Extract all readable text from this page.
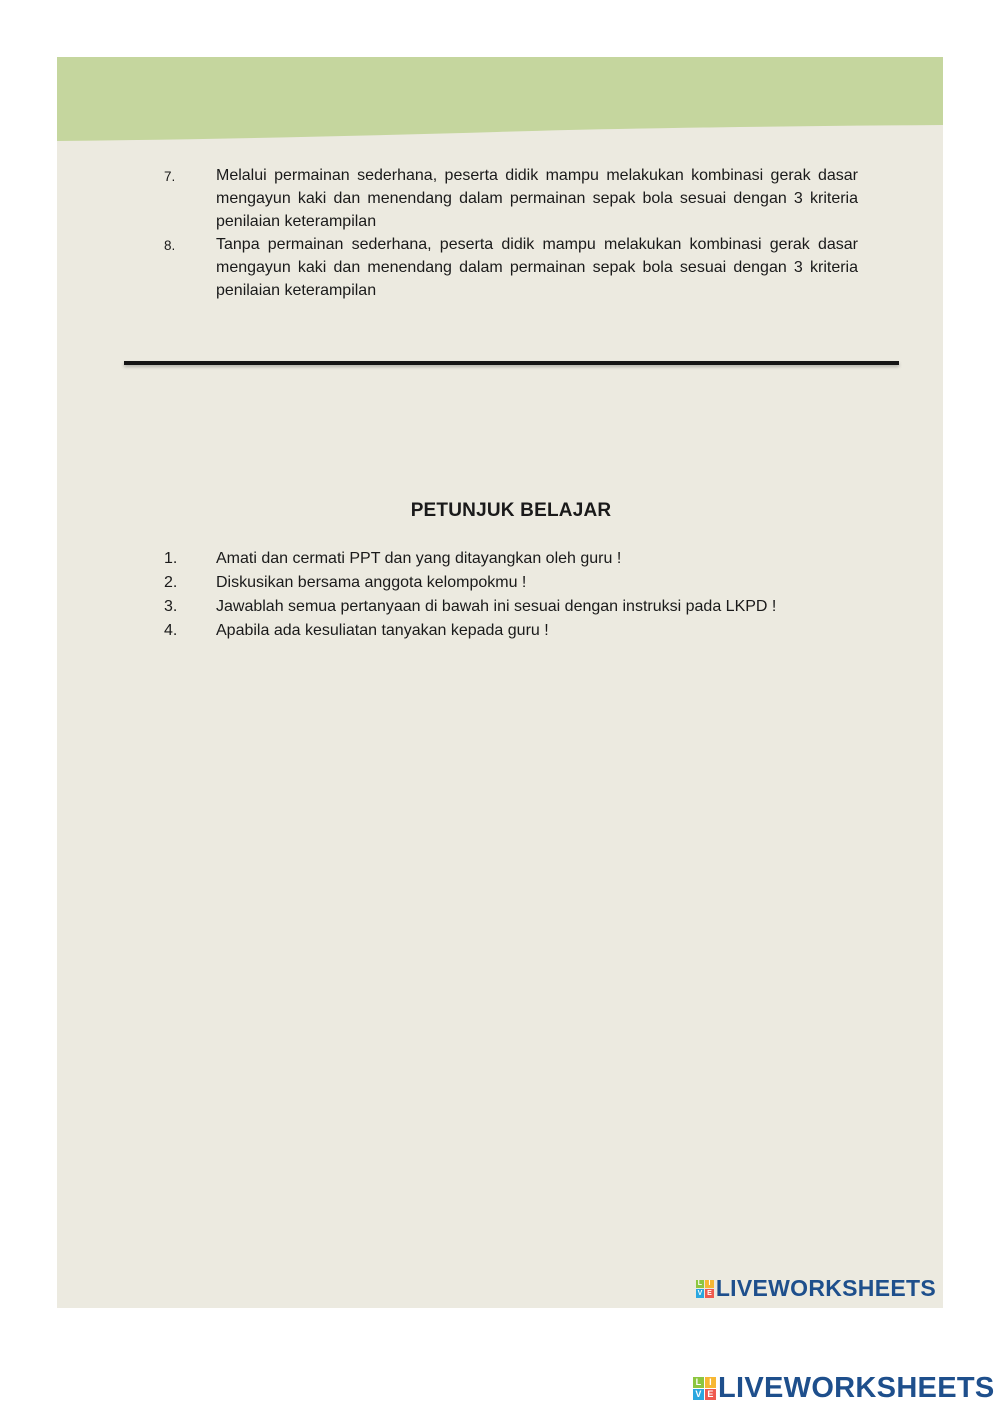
7.	Melalui permainan sederhana, peserta didik mampu melakukan kombinasi gerak dasar mengayun kaki dan menendang dalam permainan sepak bola sesuai dengan 3 kriteria penilaian keterampilan
8.	Tanpa permainan sederhana, peserta didik mampu melakukan kombinasi gerak dasar mengayun kaki dan menendang dalam permainan sepak bola sesuai dengan 3 kriteria penilaian keterampilan
PETUNJUK BELAJAR
1.	Amati dan cermati PPT dan yang ditayangkan oleh guru !
2.	Diskusikan bersama anggota kelompokmu !
3.	Jawablah semua pertanyaan di bawah ini sesuai dengan instruksi pada LKPD !
4.	Apabila ada kesuliatan tanyakan kepada guru !
L I
V E LIVEWORKSHEETS
L I
V E LIVEWORKSHEETS
